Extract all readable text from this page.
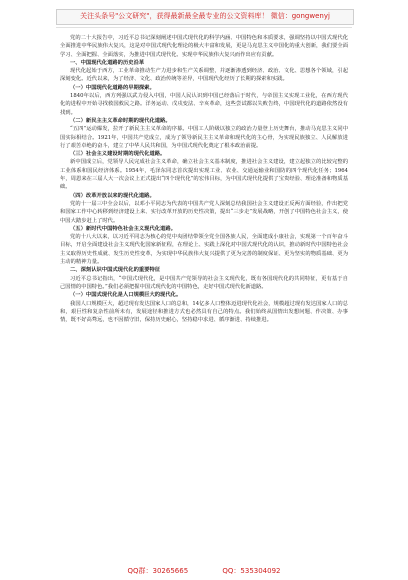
关注头条号"公文研究"，获得最新最全最专业的公文资料库！ 微信：gongwenyj

党的二十大报告中，习近平总书记深刻阐述中国式现代化的科学内涵、中国特色和本质要求，强调坚持以中国式现代化全面推进中华民族伟大复兴，这是对中国式现代化理论的极大丰富和发展，更是马克思主义中国化的重大创新，我们要全面学习、全面把握、全面落实，为推进中国式现代化、实现中华民族伟大复兴而作出应有贡献。

一、中国现代化道路的历史沿革

现代化起始于西方，工业革命推动生产力进步和生产关系调整，并逐渐渗透到经济、政治、文化、思想各个领域，引起深刻变化。近代以来，为了经济、文化、政治传统等差异，中国现代化经历了长期的探索和实践。

（一）中国现代化道路的早期探索。

1840年以后，西方列强以武力侵入中国，中国人民认识到中国已经落后于时代，与帝国主义实现工业化，在西方现代化的进程中开始寻找救国救民之路。洋务运动、戊戌变法、辛亥革命，这些尝试都以失败告终，中国现代化的道路依然没有找到。

（二）新民主主义革命时期的现代化道路。

“五四”运动爆发，拉开了新民主主义革命的序幕。中国工人阶级以独立的政治力量登上历史舞台，推动马克思主义同中国实际相结合。1921年，中国共产党成立，成为了领导新民主主义革命和现代化的主心骨，为实现民族独立、人民解放进行了艰苦卓绝的奋斗，建立了中华人民共和国，为中国式现代化奠定了根本政治前提。

（三）社会主义建设时期的现代化道路。

新中国成立后，党领导人民完成社会主义革命，确立社会主义基本制度，推进社会主义建设，建立起独立的比较完整的工业体系和国民经济体系。1954年，毛泽东同志首次提出实现工业、农业、交通运输业和国防的四个现代化任务；1964年，周恩来在三届人大一次会议上正式提出“四个现代化”的宏伟目标，为中国式现代化提供了宝贵经验、理论准备和物质基础。

（四）改革开放以来的现代化道路。

党的十一届三中全会以后，以邓小平同志为代表的中国共产党人深刻总结我国社会主义建设正反两方面经验，作出把党和国家工作中心转移到经济建设上来、实行改革开放的历史性决策，提出“三步走”发展战略，开创了中国特色社会主义，使中国大踏步赶上了时代。

（五）新时代中国特色社会主义现代化道路。

党的十八大以来，以习近平同志为核心的党中央团结带领全党全国各族人民，全面建成小康社会，实现第一个百年奋斗目标，开启全面建设社会主义现代化国家新征程，在理论上、实践上深化对中国式现代化的认识，推动新时代中国特色社会主义取得历史性成就、发生历史性变革，为实现中华民族伟大复兴提供了更为完善的制度保证、更为坚实的物质基础、更为主动的精神力量。

二、深刻认识中国式现代化的重要特征

习近平总书记指出，“中国式现代化，是中国共产党领导的社会主义现代化，既有各国现代化的共同特征，更有基于自己国情的中国特色。”我们必须把握中国式现代化的中国特色，走好中国式现代化新道路。

（一）中国式现代化是人口规模巨大的现代化。

我国人口规模巨大，超过现有发达国家人口的总和，14亿多人口整体迈进现代化社会，规模超过现有发达国家人口的总和，艰巨性和复杂性前所未有，发展途径和推进方式也必然具有自己的特点。我们始终从国情出发想问题、作决策、办事情，既不好高骛远，也不因循守旧，保持历史耐心，坚持稳中求进、循序渐进、持续推进。

QQ群：30265665	QQ：535304092
